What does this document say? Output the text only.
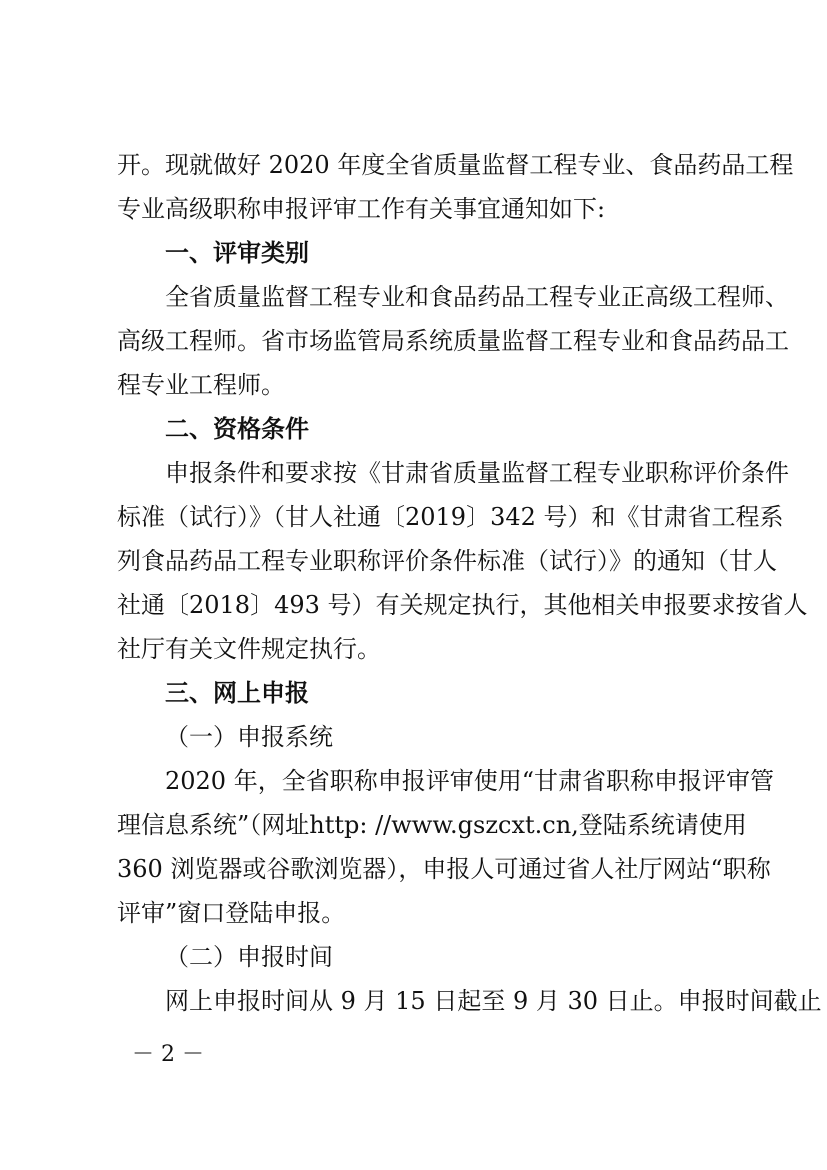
开。现就做好 2020 年度全省质量监督工程专业、食品药品工程
专业高级职称申报评审工作有关事宜通知如下:
一、评审类别
全省质量监督工程专业和食品药品工程专业正高级工程师、
高级工程师。省市场监管局系统质量监督工程专业和食品药品工
程专业工程师。
二、资格条件
申报条件和要求按《甘肃省质量监督工程专业职称评价条件
标准（试行）》（甘人社通〔2019〕342 号）和《甘肃省工程系
列食品药品工程专业职称评价条件标准（试行）》的通知（甘人
社通〔2018〕493 号）有关规定执行，其他相关申报要求按省人
社厅有关文件规定执行。
三、网上申报
（一）申报系统
2020 年，全省职称申报评审使用“甘肃省职称申报评审管
理信息系统”（网址http: //www.gszcxt.cn,登陆系统请使用
360 浏览器或谷歌浏览器），申报人可通过省人社厅网站“职称
评审”窗口登陆申报。
（二）申报时间
网上申报时间从 9 月 15 日起至 9 月 30 日止。申报时间截止
－ 2 －
